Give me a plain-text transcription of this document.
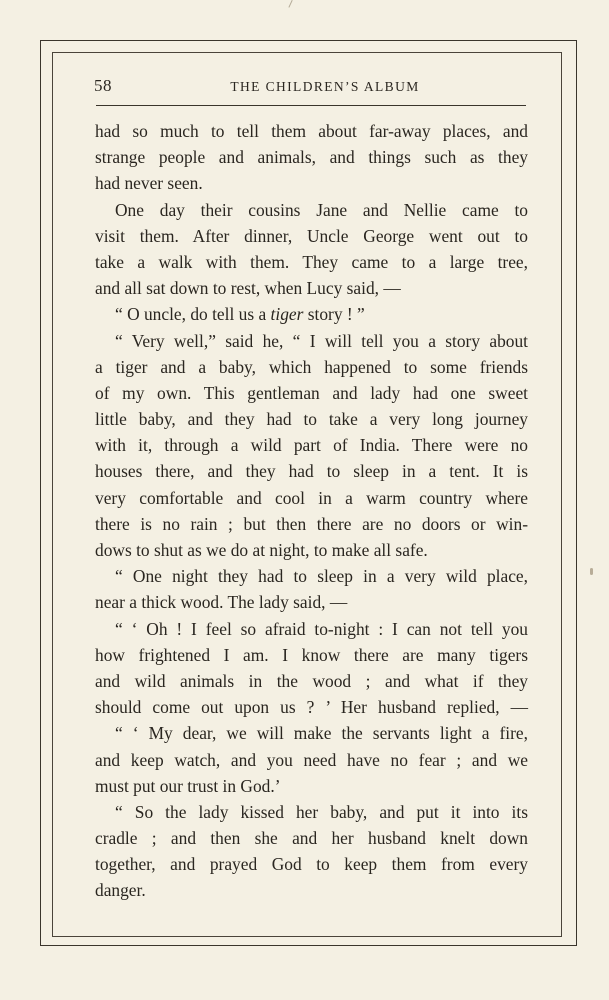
58	THE CHILDREN’S ALBUM
had so much to tell them about far-away places, and
strange people and animals, and things such as they
had never seen.
One day their cousins Jane and Nellie came to
visit them. After dinner, Uncle George went out to
take a walk with them. They came to a large tree,
and all sat down to rest, when Lucy said, —
“ O uncle, do tell us a tiger story ! ”
“ Very well,” said he, “ I will tell you a story about
a tiger and a baby, which happened to some friends
of my own. This gentleman and lady had one sweet
little baby, and they had to take a very long journey
with it, through a wild part of India. There were no
houses there, and they had to sleep in a tent. It is
very comfortable and cool in a warm country where
there is no rain ; but then there are no doors or win-
dows to shut as we do at night, to make all safe.
“ One night they had to sleep in a very wild place,
near a thick wood. The lady said, —
“ ‘ Oh ! I feel so afraid to-night : I can not tell you
how frightened I am. I know there are many tigers
and wild animals in the wood ; and what if they
should come out upon us ? ’ Her husband replied, —
“ ‘ My dear, we will make the servants light a fire,
and keep watch, and you need have no fear ; and we
must put our trust in God.’
“ So the lady kissed her baby, and put it into its
cradle ; and then she and her husband knelt down
together, and prayed God to keep them from every
danger.
